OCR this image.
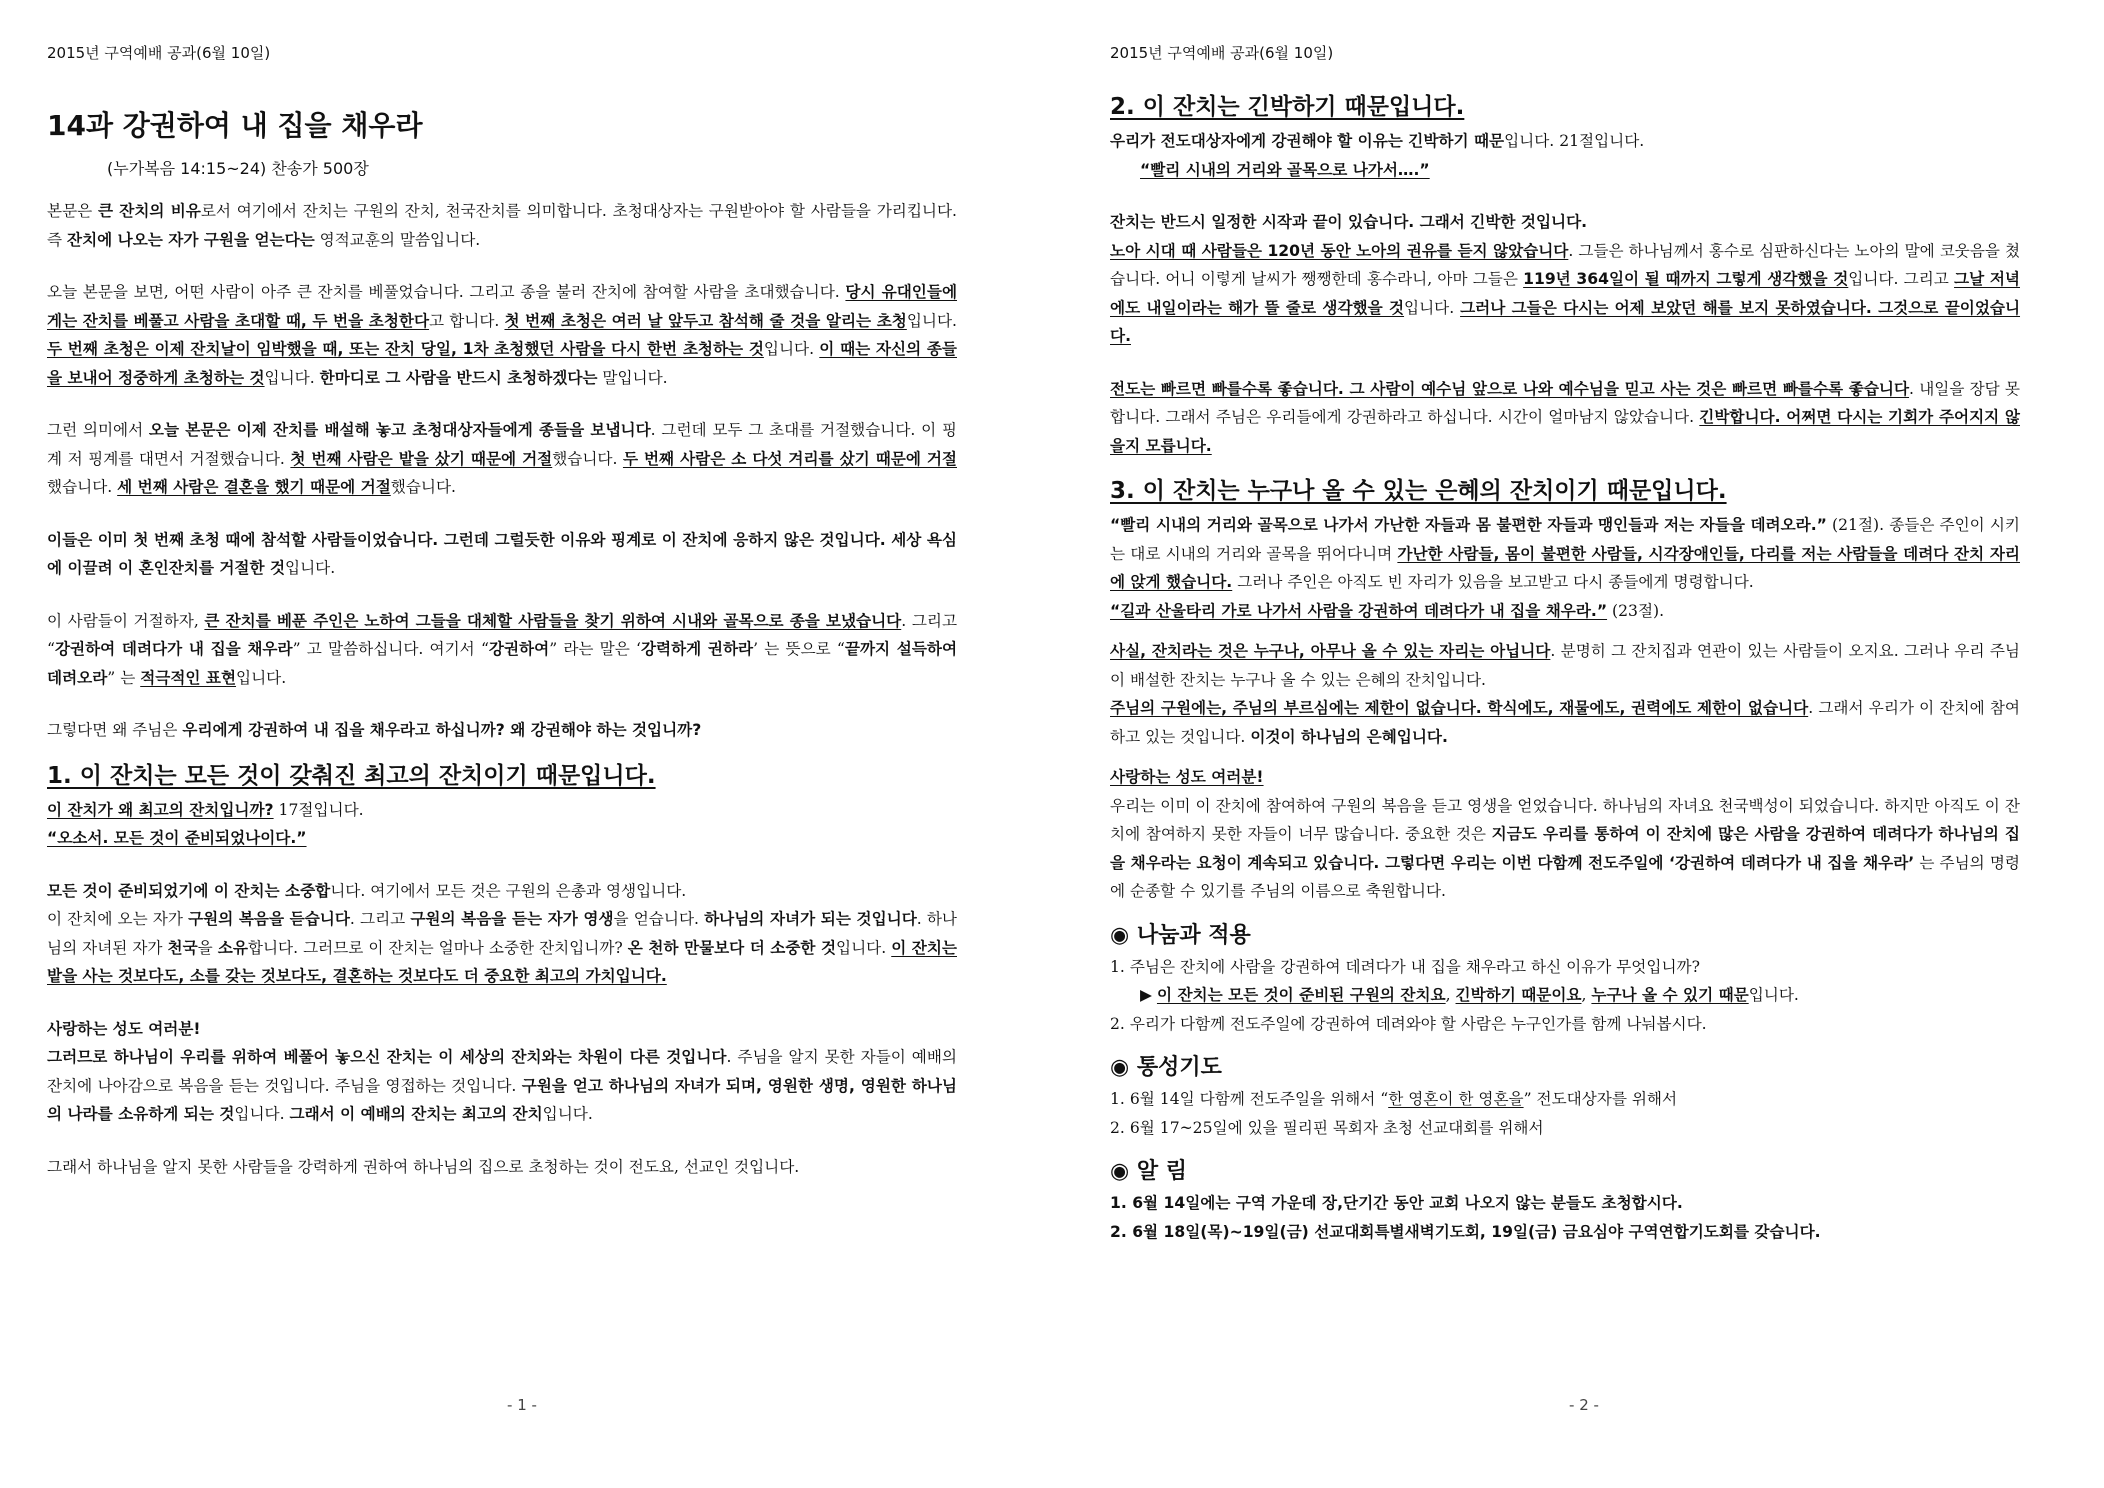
2015년 구역예배 공과(6월 10일)
14과 강권하여 내 집을 채우라
(누가복음 14:15~24) 찬송가 500장

본문은 큰 잔치의 비유로서 여기에서 잔치는 구원의 잔치, 천국잔치를 의미합니다. 초청대상자는 구원받아야 할 사람들을 가리킵니다. 즉 잔치에 나오는 자가 구원을 얻는다는 영적교훈의 말씀입니다.

오늘 본문을 보면, 어떤 사람이 아주 큰 잔치를 베풀었습니다. 그리고 종을 불러 잔치에 참여할 사람을 초대했습니다. 당시 유대인들에게는 잔치를 베풀고 사람을 초대할 때, 두 번을 초청한다고 합니다. 첫 번째 초청은 여러 날 앞두고 참석해 줄 것을 알리는 초청입니다. 두 번째 초청은 이제 잔치날이 임박했을 때, 또는 잔치 당일, 1차 초청했던 사람을 다시 한번 초청하는 것입니다. 이 때는 자신의 종들을 보내어 정중하게 초청하는 것입니다. 한마디로 그 사람을 반드시 초청하겠다는 말입니다.

그런 의미에서 오늘 본문은 이제 잔치를 배설해 놓고 초청대상자들에게 종들을 보냅니다. 그런데 모두 그 초대를 거절했습니다. 이 핑계 저 핑계를 대면서 거절했습니다. 첫 번째 사람은 밭을 샀기 때문에 거절했습니다. 두 번째 사람은 소 다섯 겨리를 샀기 때문에 거절했습니다. 세 번째 사람은 결혼을 했기 때문에 거절했습니다.

이들은 이미 첫 번째 초청 때에 참석할 사람들이었습니다. 그런데 그럴듯한 이유와 핑계로 이 잔치에 응하지 않은 것입니다. 세상 욕심에 이끌려 이 혼인잔치를 거절한 것입니다.

이 사람들이 거절하자, 큰 잔치를 베푼 주인은 노하여 그들을 대체할 사람들을 찾기 위하여 시내와 골목으로 종을 보냈습니다. 그리고 “강권하여 데려다가 내 집을 채우라” 고 말씀하십니다. 여기서 “강권하여” 라는 말은 ‘강력하게 권하라’ 는 뜻으로 “끝까지 설득하여 데려오라” 는 적극적인 표현입니다.

그렇다면 왜 주님은 우리에게 강권하여 내 집을 채우라고 하십니까? 왜 강권해야 하는 것입니까?

1. 이 잔치는 모든 것이 갖춰진 최고의 잔치이기 때문입니다.

이 잔치가 왜 최고의 잔치입니까? 17절입니다.
“오소서. 모든 것이 준비되었나이다.”

모든 것이 준비되었기에 이 잔치는 소중합니다. 여기에서 모든 것은 구원의 은총과 영생입니다.
이 잔치에 오는 자가 구원의 복음을 듣습니다. 그리고 구원의 복음을 듣는 자가 영생을 얻습니다. 하나님의 자녀가 되는 것입니다. 하나님의 자녀된 자가 천국을 소유합니다. 그러므로 이 잔치는 얼마나 소중한 잔치입니까? 온 천하 만물보다 더 소중한 것입니다. 이 잔치는 밭을 사는 것보다도, 소를 갖는 것보다도, 결혼하는 것보다도 더 중요한 최고의 가치입니다.

사랑하는 성도 여러분!
그러므로 하나님이 우리를 위하여 베풀어 놓으신 잔치는 이 세상의 잔치와는 차원이 다른 것입니다. 주님을 알지 못한 자들이 예배의 잔치에 나아감으로 복음을 듣는 것입니다. 주님을 영접하는 것입니다. 구원을 얻고 하나님의 자녀가 되며, 영원한 생명, 영원한 하나님의 나라를 소유하게 되는 것입니다. 그래서 이 예배의 잔치는 최고의 잔치입니다.

그래서 하나님을 알지 못한 사람들을 강력하게 권하여 하나님의 집으로 초청하는 것이 전도요, 선교인 것입니다.

- 1 -
2015년 구역예배 공과(6월 10일)
2. 이 잔치는 긴박하기 때문입니다.

우리가 전도대상자에게 강권해야 할 이유는 긴박하기 때문입니다. 21절입니다.
“빨리 시내의 거리와 골목으로 나가서….”

잔치는 반드시 일정한 시작과 끝이 있습니다. 그래서 긴박한 것입니다.
노아 시대 때 사람들은 120년 동안 노아의 권유를 듣지 않았습니다. 그들은 하나님께서 홍수로 심판하신다는 노아의 말에 코웃음을 쳤습니다. 어니 이렇게 날씨가 쨍쨍한데 홍수라니, 아마 그들은 119년 364일이 될 때까지 그렇게 생각했을 것입니다. 그리고 그날 저녁에도 내일이라는 해가 뜰 줄로 생각했을 것입니다. 그러나 그들은 다시는 어제 보았던 해를 보지 못하였습니다. 그것으로 끝이었습니다.

전도는 빠르면 빠를수록 좋습니다. 그 사람이 예수님 앞으로 나와 예수님을 믿고 사는 것은 빠르면 빠를수록 좋습니다. 내일을 장담 못합니다. 그래서 주님은 우리들에게 강권하라고 하십니다. 시간이 얼마남지 않았습니다. 긴박합니다. 어쩌면 다시는 기회가 주어지지 않을지 모릅니다.

3. 이 잔치는 누구나 올 수 있는 은혜의 잔치이기 때문입니다.

“빨리 시내의 거리와 골목으로 나가서 가난한 자들과 몸 불편한 자들과 맹인들과 저는 자들을 데려오라.” (21절). 종들은 주인이 시키는 대로 시내의 거리와 골목을 뛰어다니며 가난한 사람들, 몸이 불편한 사람들, 시각장애인들, 다리를 저는 사람들을 데려다 잔치 자리에 앉게 했습니다. 그러나 주인은 아직도 빈 자리가 있음을 보고받고 다시 종들에게 명령합니다.
“길과 산울타리 가로 나가서 사람을 강권하여 데려다가 내 집을 채우라.” (23절).

사실, 잔치라는 것은 누구나, 아무나 올 수 있는 자리는 아닙니다. 분명히 그 잔치집과 연관이 있는 사람들이 오지요. 그러나 우리 주님이 배설한 잔치는 누구나 올 수 있는 은혜의 잔치입니다.
주님의 구원에는, 주님의 부르심에는 제한이 없습니다. 학식에도, 재물에도, 권력에도 제한이 없습니다. 그래서 우리가 이 잔치에 참여하고 있는 것입니다. 이것이 하나님의 은혜입니다.

사랑하는 성도 여러분!
우리는 이미 이 잔치에 참여하여 구원의 복음을 듣고 영생을 얻었습니다. 하나님의 자녀요 천국백성이 되었습니다. 하지만 아직도 이 잔치에 참여하지 못한 자들이 너무 많습니다. 중요한 것은 지금도 우리를 통하여 이 잔치에 많은 사람을 강권하여 데려다가 하나님의 집을 채우라는 요청이 계속되고 있습니다. 그렇다면 우리는 이번 다함께 전도주일에 ‘강권하여 데려다가 내 집을 채우라’ 는 주님의 명령에 순종할 수 있기를 주님의 이름으로 축원합니다.

◉ 나눔과 적용

1. 주님은 잔치에 사람을 강권하여 데려다가 내 집을 채우라고 하신 이유가 무엇입니까?
▶ 이 잔치는 모든 것이 준비된 구원의 잔치요, 긴박하기 때문이요, 누구나 올 수 있기 때문입니다.
2. 우리가 다함께 전도주일에 강권하여 데려와야 할 사람은 누구인가를 함께 나눠봅시다.

◉ 통성기도

1. 6월 14일 다함께 전도주일을 위해서 “한 영혼이 한 영혼을” 전도대상자를 위해서
2. 6월 17~25일에 있을 필리핀 목회자 초청 선교대회를 위해서

◉ 알 림

1. 6월 14일에는 구역 가운데 장,단기간 동안 교회 나오지 않는 분들도 초청합시다.
2. 6월 18일(목)~19일(금) 선교대회특별새벽기도회, 19일(금) 금요심야 구역연합기도회를 갖습니다.

- 2 -
